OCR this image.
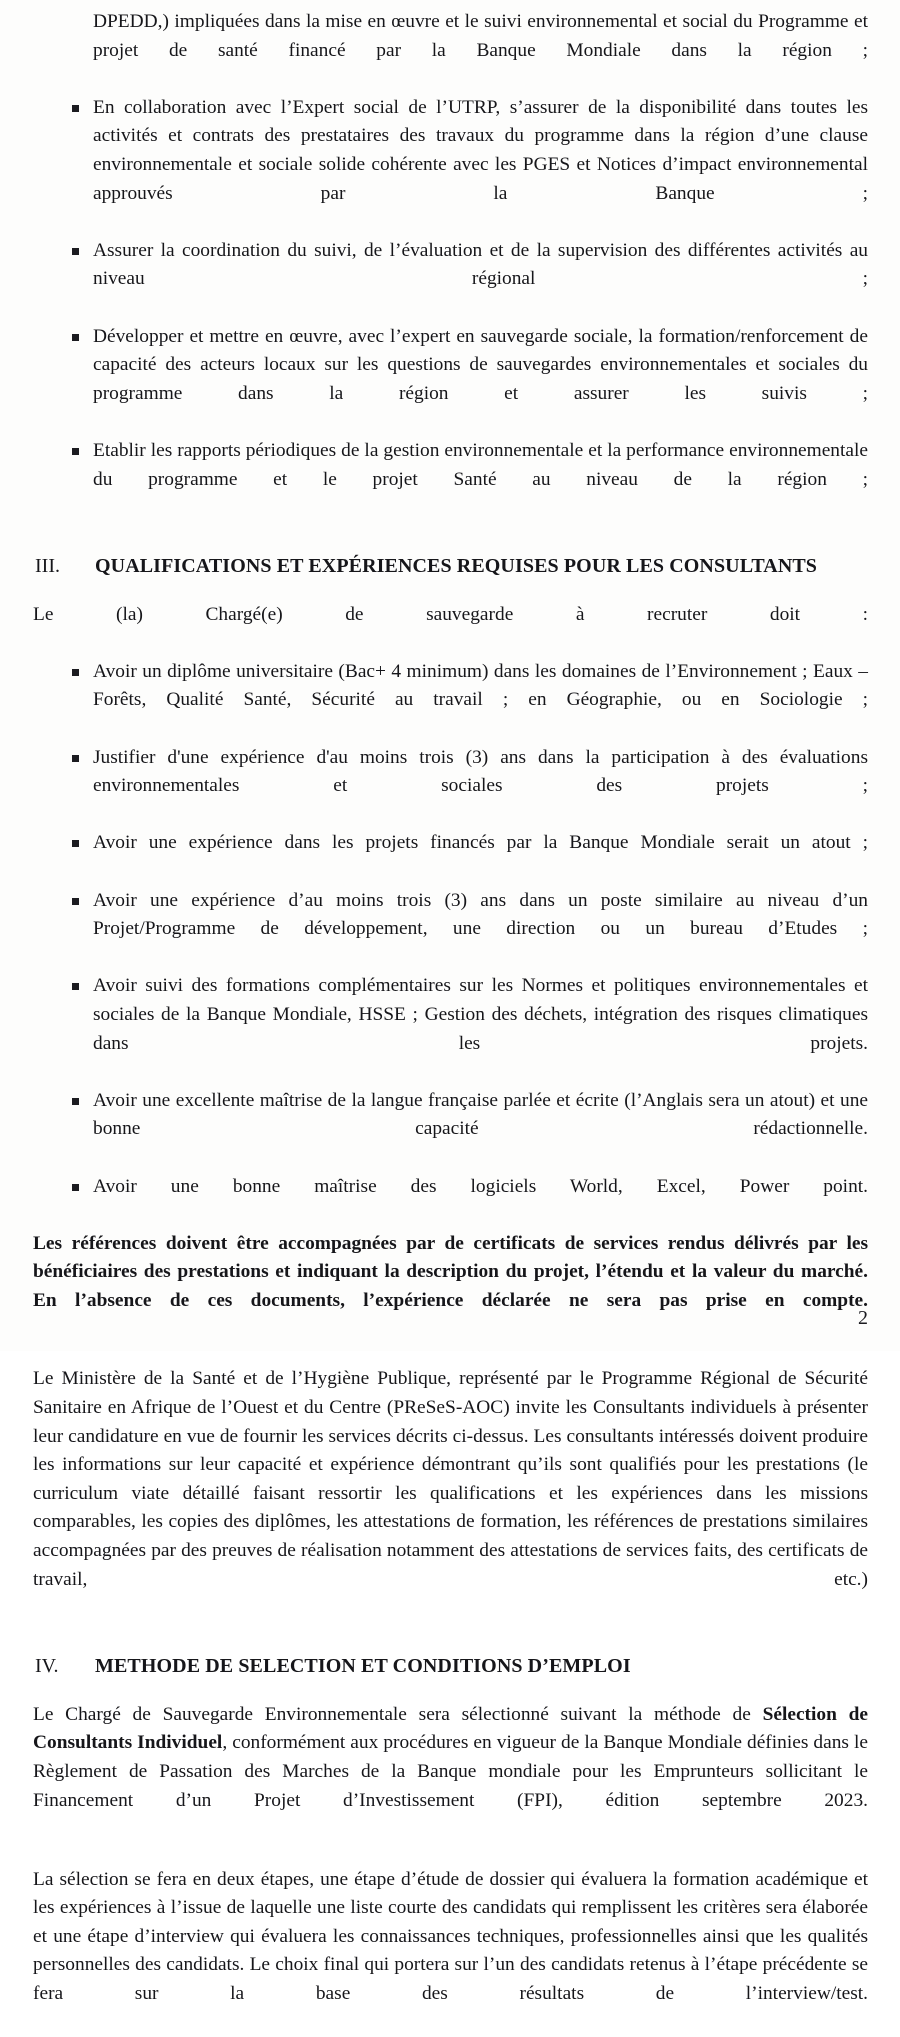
DPEDD,) impliquées dans la mise en œuvre et le suivi environnemental et social du Programme et projet de santé financé par la Banque Mondiale dans la région ;
En collaboration avec l’Expert social de l’UTRP, s’assurer de la disponibilité dans toutes les activités et contrats des prestataires des travaux du programme dans la région d’une clause environnementale et sociale solide cohérente avec les PGES et Notices d’impact environnemental approuvés par la Banque ;
Assurer la coordination du suivi, de l’évaluation et de la supervision des différentes activités au niveau régional ;
Développer et mettre en œuvre, avec l’expert en sauvegarde sociale, la formation/renforcement de capacité des acteurs locaux sur les questions de sauvegardes environnementales et sociales du programme dans la région et assurer les suivis ;
Etablir les rapports périodiques de la gestion environnementale et la performance environnementale du programme et le projet Santé au niveau de la région ;
III. QUALIFICATIONS ET EXPÉRIENCES REQUISES POUR LES CONSULTANTS

Le (la) Chargé(e) de sauvegarde à recruter doit :

Avoir un diplôme universitaire (Bac+ 4 minimum) dans les domaines de l’Environnement ; Eaux – Forêts, Qualité Santé, Sécurité au travail ; en Géographie, ou en Sociologie ;
Justifier d'une expérience d'au moins trois (3) ans dans la participation à des évaluations environnementales et sociales des projets ;
Avoir une expérience dans les projets financés par la Banque Mondiale serait un atout ;
Avoir une expérience d’au moins trois (3) ans dans un poste similaire au niveau d’un Projet/Programme de développement, une direction ou un bureau d’Etudes ;
Avoir suivi des formations complémentaires sur les Normes et politiques environnementales et sociales de la Banque Mondiale, HSSE ; Gestion des déchets, intégration des risques climatiques dans les projets.
Avoir une excellente maîtrise de la langue française parlée et écrite (l’Anglais sera un atout) et une bonne capacité rédactionnelle.
Avoir une bonne maîtrise des logiciels World, Excel, Power point.

Les références doivent être accompagnées par de certificats de services rendus délivrés par les bénéficiaires des prestations et indiquant la description du projet, l’étendu et la valeur du marché. En l’absence de ces documents, l’expérience déclarée ne sera pas prise en compte.

Le Ministère de la Santé et de l’Hygiène Publique, représenté par le Programme Régional de Sécurité Sanitaire en Afrique de l’Ouest et du Centre (PReSeS-AOC) invite les Consultants individuels à présenter leur candidature en vue de fournir les services décrits ci-dessus. Les consultants intéressés doivent produire les informations sur leur capacité et expérience démontrant qu’ils sont qualifiés pour les prestations (le curriculum viate détaillé faisant ressortir les qualifications et les expériences dans les missions comparables, les copies des diplômes, les attestations de formation, les références de prestations similaires accompagnées par des preuves de réalisation notamment des attestations de services faits, des certificats de travail, etc.)

IV. METHODE DE SELECTION ET CONDITIONS D’EMPLOI

Le Chargé de Sauvegarde Environnementale sera sélectionné suivant la méthode de Sélection de Consultants Individuel, conformément aux procédures en vigueur de la Banque Mondiale définies dans le Règlement de Passation des Marches de la Banque mondiale pour les Emprunteurs sollicitant le Financement d’un Projet d’Investissement (FPI), édition septembre 2023.

La sélection se fera en deux étapes, une étape d’étude de dossier qui évaluera la formation académique et les expériences à l’issue de laquelle une liste courte des candidats qui remplissent les critères sera élaborée et une étape d’interview qui évaluera les connaissances techniques, professionnelles ainsi que les qualités personnelles des candidats. Le choix final qui portera sur l’un des candidats retenus à l’étape précédente se fera sur la base des résultats de l’interview/test.

2
